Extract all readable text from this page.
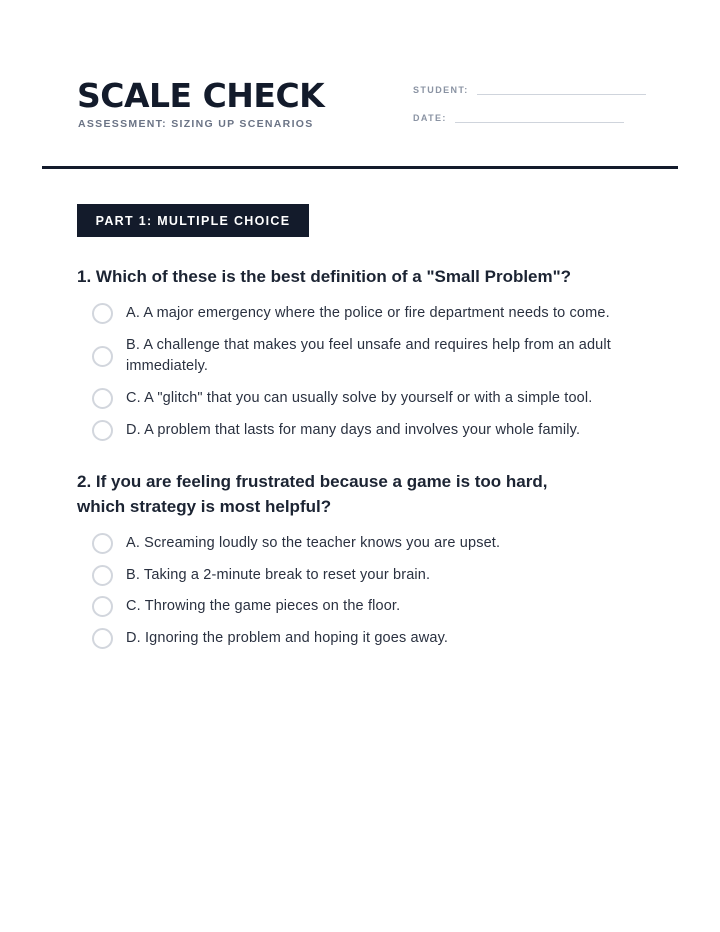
SCALE CHECK
ASSESSMENT: SIZING UP SCENARIOS
STUDENT:
DATE:
PART 1: MULTIPLE CHOICE
1. Which of these is the best definition of a "Small Problem"?
A. A major emergency where the police or fire department needs to come.
B. A challenge that makes you feel unsafe and requires help from an adult immediately.
C. A "glitch" that you can usually solve by yourself or with a simple tool.
D. A problem that lasts for many days and involves your whole family.
2. If you are feeling frustrated because a game is too hard, which strategy is most helpful?
A. Screaming loudly so the teacher knows you are upset.
B. Taking a 2-minute break to reset your brain.
C. Throwing the game pieces on the floor.
D. Ignoring the problem and hoping it goes away.
